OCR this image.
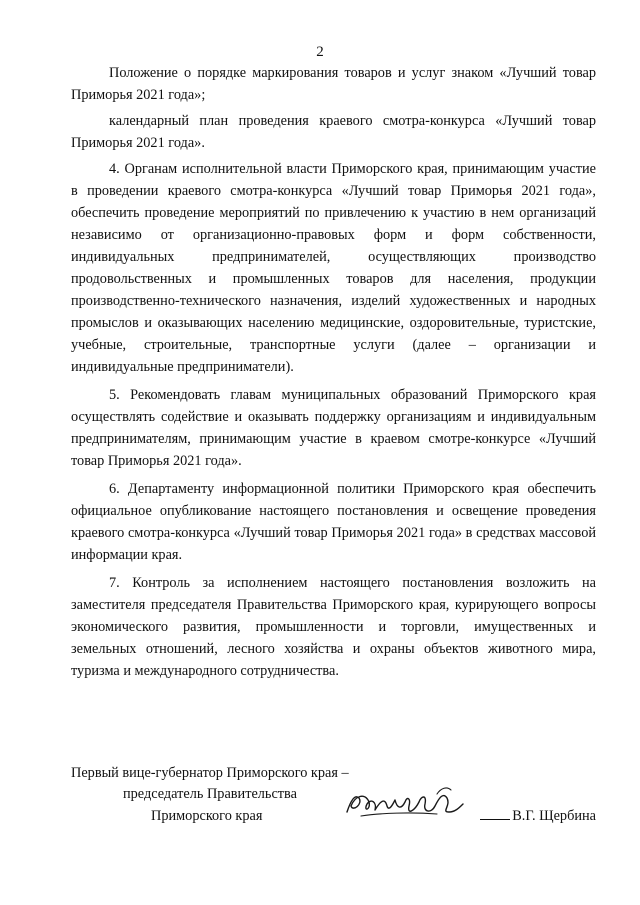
2

Положение о порядке маркирования товаров и услуг знаком «Лучший товар Приморья 2021 года»;

календарный план проведения краевого смотра-конкурса «Лучший товар Приморья 2021 года».

4. Органам исполнительной власти Приморского края, принимающим участие в проведении краевого смотра-конкурса «Лучший товар Приморья 2021 года», обеспечить проведение мероприятий по привлечению к участию в нем организаций независимо от организационно-правовых форм и форм собственности, индивидуальных предпринимателей, осуществляющих производство продовольственных и промышленных товаров для населения, продукции производственно-технического назначения, изделий художественных и народных промыслов и оказывающих населению медицинские, оздоровительные, туристские, учебные, строительные, транспортные услуги (далее – организации и индивидуальные предприниматели).

5. Рекомендовать главам муниципальных образований Приморского края осуществлять содействие и оказывать поддержку организациям и индивидуальным предпринимателям, принимающим участие в краевом смотре-конкурсе «Лучший товар Приморья 2021 года».

6. Департаменту информационной политики Приморского края обеспечить официальное опубликование настоящего постановления и освещение проведения краевого смотра-конкурса «Лучший товар Приморья 2021 года» в средствах массовой информации края.

7. Контроль за исполнением настоящего постановления возложить на заместителя председателя Правительства Приморского края, курирующего вопросы экономического развития, промышленности и торговли, имущественных и земельных отношений, лесного хозяйства и охраны объектов животного мира, туризма и международного сотрудничества.

Первый вице-губернатор Приморского края –
председатель Правительства
Приморского края	В.Г. Щербина
